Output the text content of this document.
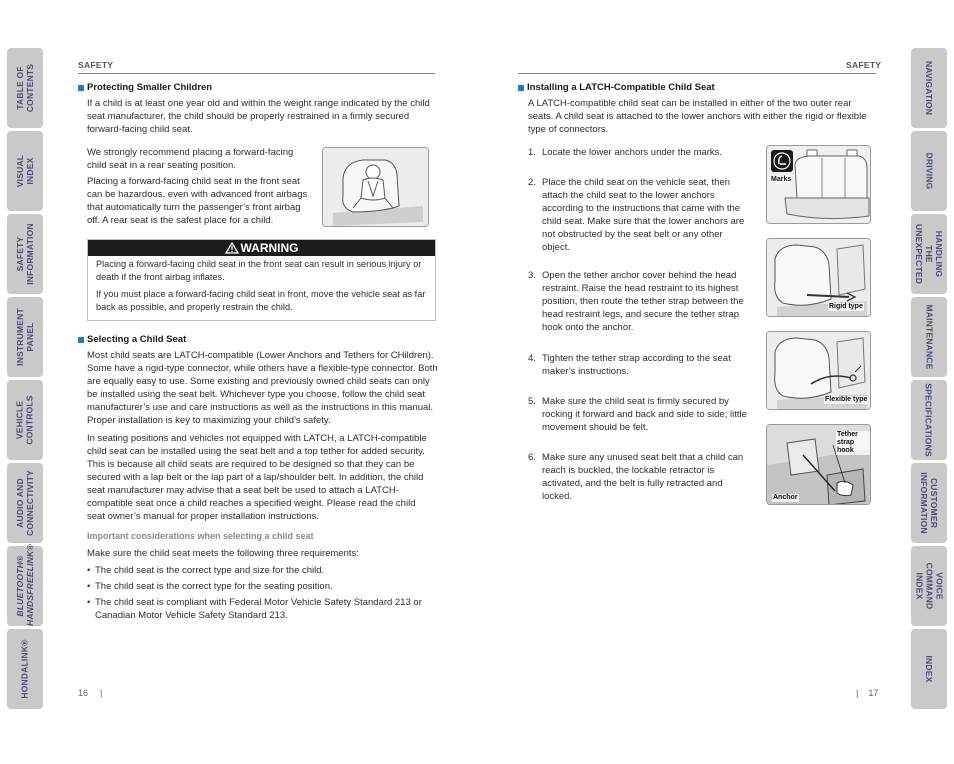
TABLE OF
CONTENTS
VISUAL INDEX
SAFETY
INFORMATION
INSTRUMENT
PANEL
VEHICLE
CONTROLS
AUDIO AND
CONNECTIVITY
BLUETOOTH®
HANDSFREELINK®
HONDALINK®
NAVIGATION
DRIVING
HANDLING THE
UNEXPECTED
MAINTENANCE
SPECIFICATIONS
CUSTOMER
INFORMATION
VOICE
COMMAND INDEX
INDEX
SAFETY
Protecting Smaller Children
If a child is at least one year old and within the weight range indicated by the child seat manufacturer, the child should be properly restrained in a firmly secured forward-facing child seat.
We strongly recommend placing a forward-facing child seat in a rear seating position.
Placing a forward-facing child seat in the front seat can be hazardous, even with advanced front airbags that automatically turn the passenger’s front airbag off. A rear seat is the safest place for a child.
WARNING
Placing a forward-facing child seat in the front seat can result in serious injury or death if the front airbag inflates.
If you must place a forward-facing child seat in front, move the vehicle seat as far back as possible, and properly restrain the child.
Selecting a Child Seat
Most child seats are LATCH-compatible (Lower Anchors and Tethers for CHildren). Some have a rigid-type connector, while others have a flexible-type connector. Both are equally easy to use. Some existing and previously owned child seats can only be installed using the seat belt. Whichever type you choose, follow the child seat manufacturer’s use and care instructions as well as the instructions in this manual. Proper installation is key to maximizing your child’s safety.
In seating positions and vehicles not equipped with LATCH, a LATCH-compatible child seat can be installed using the seat belt and a top tether for added security. This is because all child seats are required to be designed so that they can be secured with a lap belt or the lap part of a lap/shoulder belt. In addition, the child seat manufacturer may advise that a seat belt be used to attach a LATCH-compatible seat once a child reaches a specified weight. Please read the child seat owner’s manual for proper installation instructions.
Important considerations when selecting a child seat
Make sure the child seat meets the following three requirements:
• The child seat is the correct type and size for the child.
• The child seat is the correct type for the seating position.
• The child seat is compliant with Federal Motor Vehicle Safety Standard 213 or Canadian Motor Vehicle Safety Standard 213.
16 |
SAFETY
Installing a LATCH-Compatible Child Seat
A LATCH-compatible child seat can be installed in either of the two outer rear seats. A child seat is attached to the lower anchors with either the rigid or flexible type of connectors.
1. Locate the lower anchors under the marks.
2. Place the child seat on the vehicle seat, then attach the child seat to the lower anchors according to the instructions that came with the child seat. Make sure that the lower anchors are not obstructed by the seat belt or any other object.
3. Open the tether anchor cover behind the head restraint. Raise the head restraint to its highest position, then route the tether strap between the head restraint legs, and secure the tether strap hook onto the anchor.
4. Tighten the tether strap according to the seat maker’s instructions.
5. Make sure the child seat is firmly secured by rocking it forward and back and side to side; little movement should be felt.
6. Make sure any unused seat belt that a child can reach is buckled, the lockable retractor is activated, and the belt is fully retracted and locked.
Marks
Rigid type
Flexible type
Tether
strap hook
Anchor
| 17
